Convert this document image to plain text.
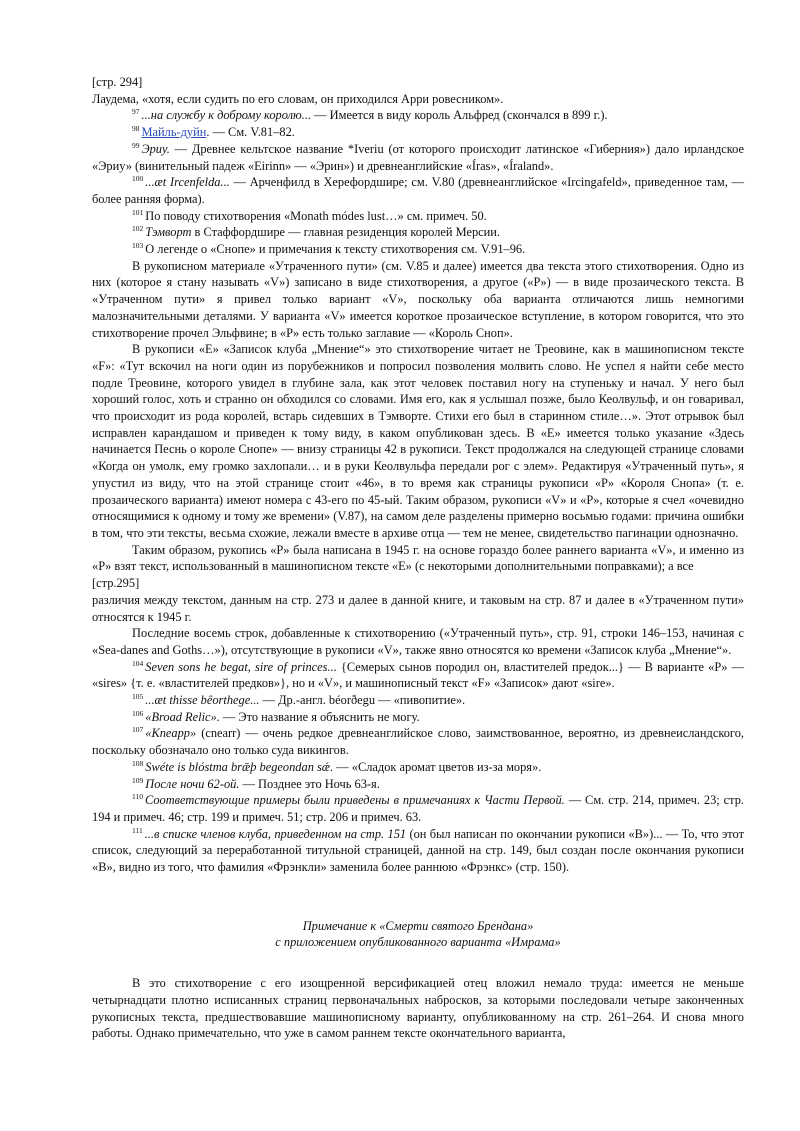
[стр. 294]

Лаудема, «хотя, если судить по его словам, он приходился Арри ровесником».

$^{97}$ ...на службу к доброму королю... — Имеется в виду король Альфред (скончался в 899 г.).

$^{98}$ Майль-дуйн. — См. V.81–82.

$^{99}$ Эриу. — Древнее кельтское название *Iveriu (от которого происходит латинское «Гиберния») дало ирландское «Эриу» (винительный падеж «Eirinn» — «Эрин») и древнеанглийские «Íras», «Íraland».

$^{100}$ ...æt Ircenfelda... — Арченфилд в Херефордшире; см. V.80 (древнеанглийское «Ircingafeld», приведенное там, — более ранняя форма).

$^{101}$ По поводу стихотворения «Monath módes lust…» см. примеч. 50.

$^{102}$ Тэмворт в Стаффордшире — главная резиденция королей Мерсии.

$^{103}$ О легенде о «Снопе» и примечания к тексту стихотворения см. V.91–96.

В рукописном материале «Утраченного пути» (см. V.85 и далее) имеется два текста этого стихотворения. Одно из них (которое я стану называть «V») записано в виде стихотворения, а другое («P») — в виде прозаического текста. В «Утраченном пути» я привел только вариант «V», поскольку оба варианта отличаются лишь немногими малозначительными деталями. У варианта «V» имеется короткое прозаическое вступление, в котором говорится, что это стихотворение прочел Эльфвине; в «P» есть только заглавие — «Король Сноп».

В рукописи «Е» «Записок клуба „Мнение“» это стихотворение читает не Треовине, как в машинописном тексте «F»: «Тут вскочил на ноги один из порубежников и попросил позволения молвить слово. Не успел я найти себе место подле Треовине, которого увидел в глубине зала, как этот человек поставил ногу на ступеньку и начал. У него был хороший голос, хоть и странно он обходился со словами. Имя его, как я услышал позже, было Кеолвульф, и он говаривал, что происходит из рода королей, встарь сидевших в Тэмворте. Стихи его был в старинном стиле…». Этот отрывок был исправлен карандашом и приведен к тому виду, в каком опубликован здесь. В «Е» имеется только указание «Здесь начинается Песнь о короле Снопе» — внизу страницы 42 в рукописи. Текст продолжался на следующей странице словами «Когда он умолк, ему громко захлопали… и в руки Кеолвульфа передали рог с элем». Редактируя «Утраченный путь», я упустил из виду, что на этой странице стоит «46», в то время как страницы рукописи «P» «Короля Снопа» (т. е. прозаического варианта) имеют номера с 43-его по 45-ый. Таким образом, рукописи «V» и «P», которые я счел «очевидно относящимися к одному и тому же времени» (V.87), на самом деле разделены примерно восьмью годами: причина ошибки в том, что эти тексты, весьма схожие, лежали вместе в архиве отца — тем не менее, свидетельство пагинации однозначно.

Таким образом, рукопись «P» была написана в 1945 г. на основе гораздо более раннего варианта «V», и именно из «P» взят текст, использованный в машинописном тексте «Е» (с некоторыми дополнительными поправками); а все

[стр.295]

различия между текстом, данным на стр. 273 и далее в данной книге, и таковым на стр. 87 и далее в «Утраченном пути» относятся к 1945 г.

Последние восемь строк, добавленные к стихотворению («Утраченный путь», стр. 91, строки 146–153, начиная с «Sea-danes and Goths…»), отсутствующие в рукописи «V», также явно относятся ко времени «Записок клуба „Мнение“».

$^{104}$ Seven sons he begat, sire of princes... {Семерых сынов породил он, властителей предок...} — В варианте «P» — «sires» {т. е. «властителей предков»}, но и «V», и машинописный текст «F» «Записок» дают «sire».

$^{105}$ ...æt thisse bêorthege... — Др.-англ. béorðegu — «пивопитие».

$^{106}$ «Broad Relic». — Это название я объяснить не могу.

$^{107}$ «Kneapp» (cnearr) — очень редкое древнеанглийское слово, заимствованное, вероятно, из древнеисландского, поскольку обозначало оно только суда викингов.

$^{108}$ Swéte is blóstma brǣþ begeondan sǽ. — «Сладок аромат цветов из-за моря».

$^{109}$ После ночи 62-ой. — Позднее это Ночь 63-я.

$^{110}$ Соответствующие примеры были приведены в примечаниях к Части Первой. — См. стр. 214, примеч. 23; стр. 194 и примеч. 46; стр. 199 и примеч. 51; стр. 206 и примеч. 63.

$^{111}$ ...в списке членов клуба, приведенном на стр. 151 (он был написан по окончании рукописи «В»)... — То, что этот список, следующий за переработанной титульной страницей, данной на стр. 149, был создан после окончания рукописи «В», видно из того, что фамилия «Фрэнкли» заменила более раннюю «Фрэнкс» (стр. 150).

Примечание к «Смерти святого Брендана»

с приложением опубликованного варианта «Имрама»

В это стихотворение с его изощренной версификацией отец вложил немало труда: имеется не меньше четырнадцати плотно исписанных страниц первоначальных набросков, за которыми последовали четыре законченных рукописных текста, предшествовавшие машинописному варианту, опубликованному на стр. 261–264. И снова много работы. Однако примечательно, что уже в самом раннем тексте окончательного варианта,
